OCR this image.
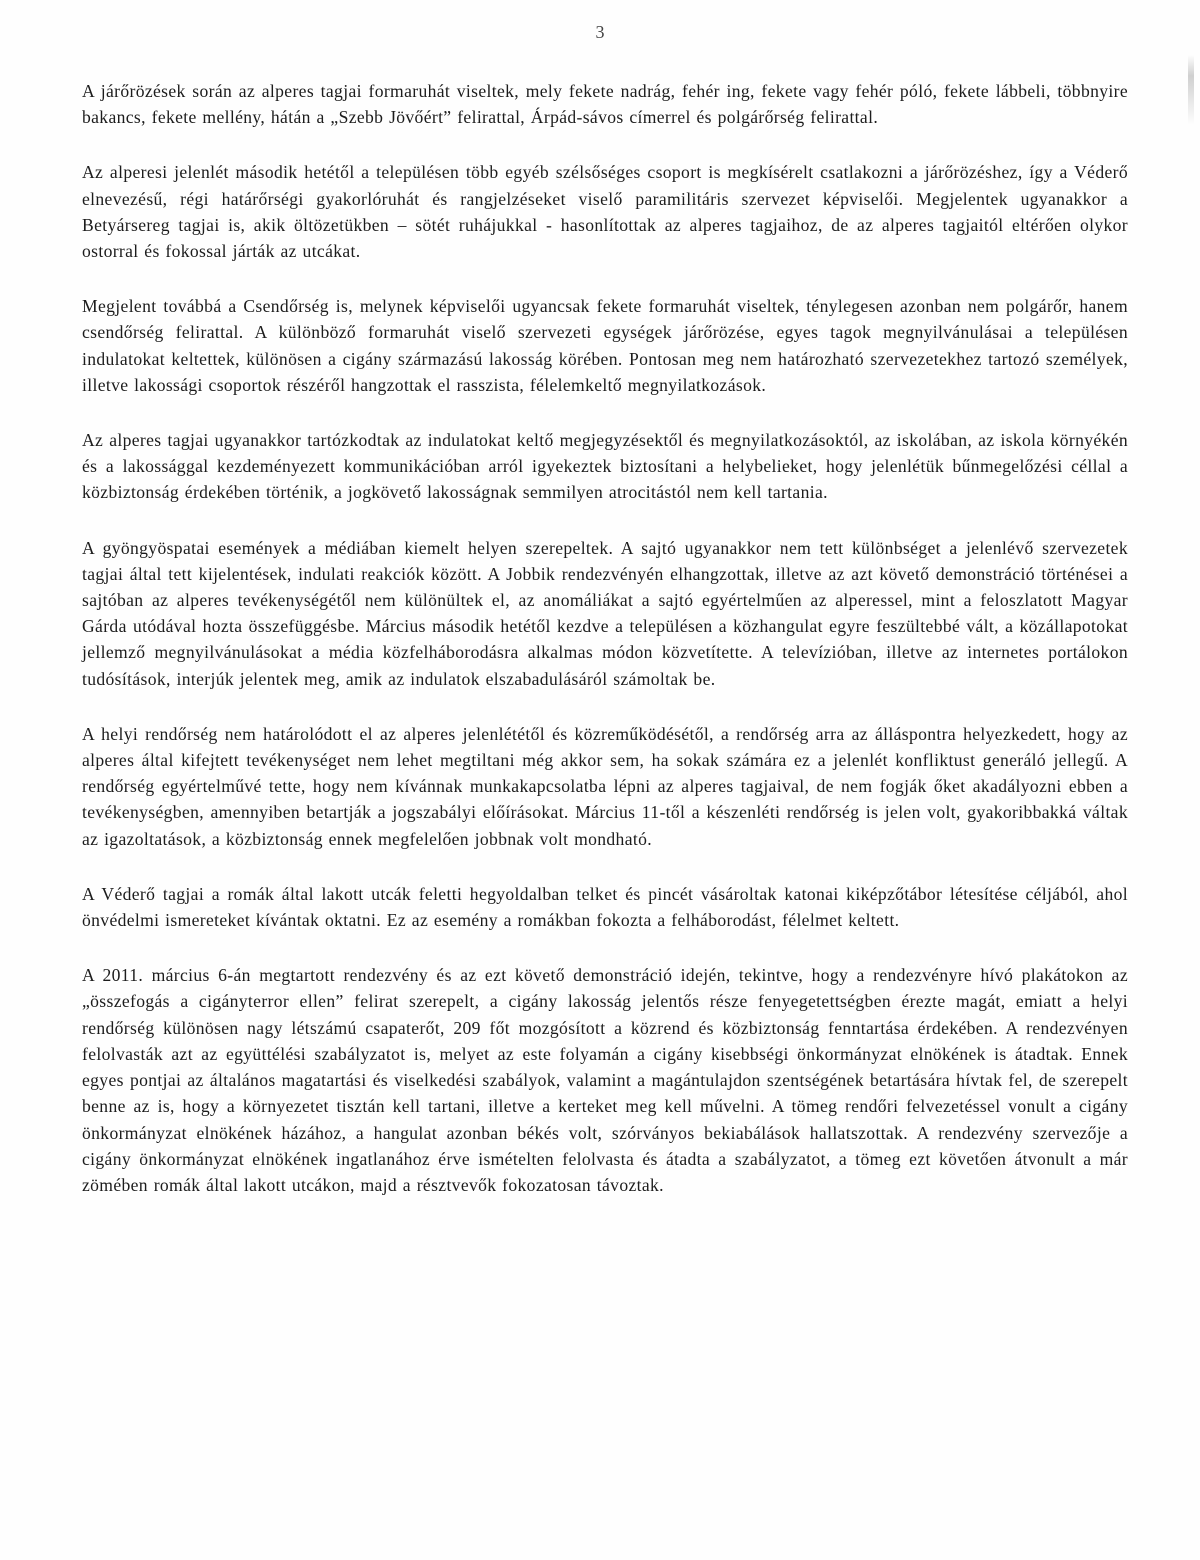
3

A járőrözések során az alperes tagjai formaruhát viseltek, mely fekete nadrág, fehér ing, fekete vagy fehér póló, fekete lábbeli, többnyire bakancs, fekete mellény, hátán a „Szebb Jövőért” felirattal, Árpád-sávos címerrel és polgárőrség felirattal.

Az alperesi jelenlét második hetétől a településen több egyéb szélsőséges csoport is megkísérelt csatlakozni a járőrözéshez, így a Véderő elnevezésű, régi határőrségi gyakorlóruhát és rangjelzéseket viselő paramilitáris szervezet képviselői. Megjelentek ugyanakkor a Betyársereg tagjai is, akik öltözetükben – sötét ruhájukkal - hasonlítottak az alperes tagjaihoz, de az alperes tagjaitól eltérően olykor ostorral és fokossal járták az utcákat.

Megjelent továbbá a Csendőrség is, melynek képviselői ugyancsak fekete formaruhát viseltek, ténylegesen azonban nem polgárőr, hanem csendőrség felirattal. A különböző formaruhát viselő szervezeti egységek járőrözése, egyes tagok megnyilvánulásai a településen indulatokat keltettek, különösen a cigány származású lakosság körében. Pontosan meg nem határozható szervezetekhez tartozó személyek, illetve lakossági csoportok részéről hangzottak el rasszista, félelemkeltő megnyilatkozások.

Az alperes tagjai ugyanakkor tartózkodtak az indulatokat keltő megjegyzésektől és megnyilatkozásoktól, az iskolában, az iskola környékén és a lakossággal kezdeményezett kommunikációban arról igyekeztek biztosítani a helybelieket, hogy jelenlétük bűnmegelőzési céllal a közbiztonság érdekében történik, a jogkövető lakosságnak semmilyen atrocitástól nem kell tartania.

A gyöngyöspatai események a médiában kiemelt helyen szerepeltek. A sajtó ugyanakkor nem tett különbséget a jelenlévő szervezetek tagjai által tett kijelentések, indulati reakciók között. A Jobbik rendezvényén elhangzottak, illetve az azt követő demonstráció történései a sajtóban az alperes tevékenységétől nem különültek el, az anomáliákat a sajtó egyértelműen az alperessel, mint a feloszlatott Magyar Gárda utódával hozta összefüggésbe. Március második hetétől kezdve a településen a közhangulat egyre feszültebbé vált, a közállapotokat jellemző megnyilvánulásokat a média közfelháborodásra alkalmas módon közvetítette. A televízióban, illetve az internetes portálokon tudósítások, interjúk jelentek meg, amik az indulatok elszabadulásáról számoltak be.

A helyi rendőrség nem határolódott el az alperes jelenlététől és közreműködésétől, a rendőrség arra az álláspontra helyezkedett, hogy az alperes által kifejtett tevékenységet nem lehet megtiltani még akkor sem, ha sokak számára ez a jelenlét konfliktust generáló jellegű. A rendőrség egyértelművé tette, hogy nem kívánnak munkakapcsolatba lépni az alperes tagjaival, de nem fogják őket akadályozni ebben a tevékenységben, amennyiben betartják a jogszabályi előírásokat. Március 11-től a készenléti rendőrség is jelen volt, gyakoribbakká váltak az igazoltatások, a közbiztonság ennek megfelelően jobbnak volt mondható.

A Véderő tagjai a romák által lakott utcák feletti hegyoldalban telket és pincét vásároltak katonai kiképzőtábor létesítése céljából, ahol önvédelmi ismereteket kívántak oktatni. Ez az esemény a romákban fokozta a felháborodást, félelmet keltett.

A 2011. március 6-án megtartott rendezvény és az ezt követő demonstráció idején, tekintve, hogy a rendezvényre hívó plakátokon az „összefogás a cigányterror ellen” felirat szerepelt, a cigány lakosság jelentős része fenyegetettségben érezte magát, emiatt a helyi rendőrség különösen nagy létszámú csapaterőt, 209 főt mozgósított a közrend és közbiztonság fenntartása érdekében. A rendezvényen felolvasták azt az együttélési szabályzatot is, melyet az este folyamán a cigány kisebbségi önkormányzat elnökének is átadtak. Ennek egyes pontjai az általános magatartási és viselkedési szabályok, valamint a magántulajdon szentségének betartására hívtak fel, de szerepelt benne az is, hogy a környezetet tisztán kell tartani, illetve a kerteket meg kell művelni. A tömeg rendőri felvezetéssel vonult a cigány önkormányzat elnökének házához, a hangulat azonban békés volt, szórványos bekiabálások hallatszottak. A rendezvény szervezője a cigány önkormányzat elnökének ingatlanához érve ismételten felolvasta és átadta a szabályzatot, a tömeg ezt követően átvonult a már zömében romák által lakott utcákon, majd a résztvevők fokozatosan távoztak.
